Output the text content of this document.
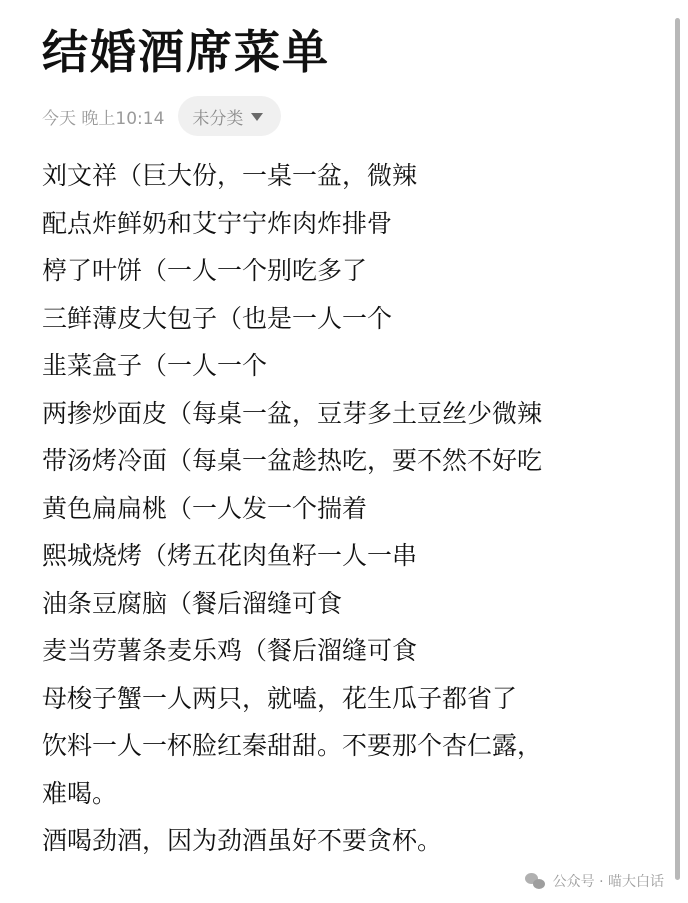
结婚酒席菜单
今天 晚上10:14 未分类
刘文祥（巨大份，一桌一盆，微辣
配点炸鲜奶和艾宁宁炸肉炸排骨
楟了叶饼（一人一个别吃多了
三鲜薄皮大包子（也是一人一个
韭菜盒子（一人一个
两掺炒面皮（每桌一盆，豆芽多土豆丝少微辣
带汤烤冷面（每桌一盆趁热吃，要不然不好吃
黄色扁扁桃（一人发一个揣着
熙城烧烤（烤五花肉鱼籽一人一串
油条豆腐脑（餐后溜缝可食
麦当劳薯条麦乐鸡（餐后溜缝可食
母梭子蟹一人两只，就嗑，花生瓜子都省了
饮料一人一杯脸红秦甜甜。不要那个杏仁露，
难喝。
酒喝劲酒，因为劲酒虽好不要贪杯。
公众号 · 喵大白话
